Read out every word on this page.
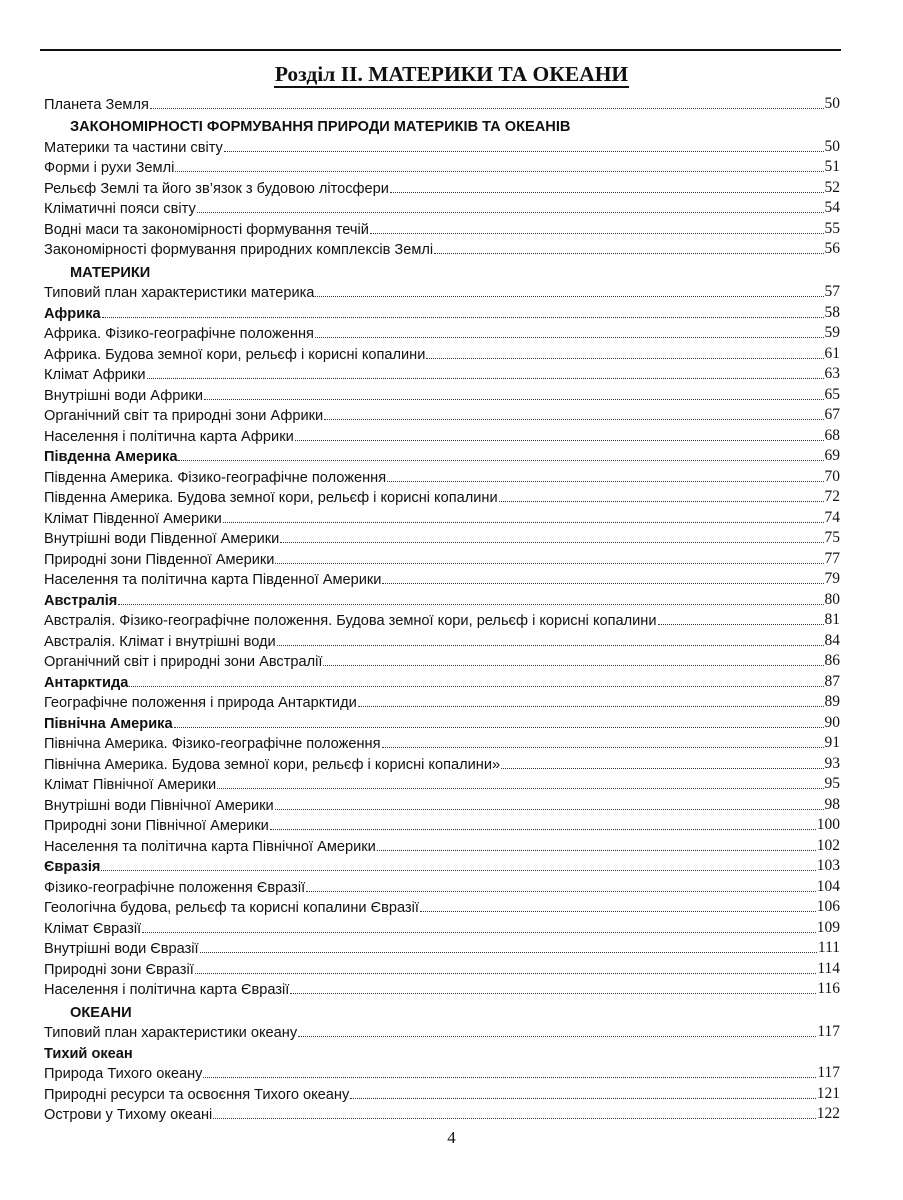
Розділ ІІ. МАТЕРИКИ ТА ОКЕАНИ
Планета Земля	50
ЗАКОНОМІРНОСТІ ФОРМУВАННЯ ПРИРОДИ МАТЕРИКІВ ТА ОКЕАНІВ
Материки та частини світу	50
Форми і рухи Землі	51
Рельєф Землі та його зв’язок з будовою літосфери	52
Кліматичні пояси світу	54
Водні маси та закономірності формування течій	55
Закономірності формування природних комплексів Землі	56
МАТЕРИКИ
Типовий план характеристики материка	57
Африка	58
Африка. Фізико-географічне положення	59
Африка. Будова земної кори, рельєф і корисні копалини	61
Клімат Африки	63
Внутрішні води Африки	65
Органічний світ та природні зони Африки	67
Населення і політична карта Африки	68
Південна Америка	69
Південна Америка. Фізико-географічне положення	70
Південна Америка. Будова земної кори, рельєф і корисні копалини	72
Клімат Південної Америки	74
Внутрішні води Південної Америки	75
Природні зони Південної Америки	77
Населення та політична карта Південної Америки	79
Австралія	80
Австралія. Фізико-географічне положення. Будова земної кори, рельєф і корисні копалини	81
Австралія. Клімат і внутрішні води	84
Органічний світ і природні зони Австралії	86
Антарктида	87
Географічне положення і природа Антарктиди	89
Північна Америка	90
Північна Америка. Фізико-географічне положення	91
Північна Америка. Будова земної кори, рельєф і корисні копалини»	93
Клімат Північної Америки	95
Внутрішні води Північної Америки	98
Природні зони Північної Америки	100
Населення та політична карта Північної Америки	102
Євразія	103
Фізико-географічне положення Євразії	104
Геологічна будова, рельєф та корисні копалини Євразії	106
Клімат Євразії	109
Внутрішні води Євразії	111
Природні зони Євразії	114
Населення і політична карта Євразії	116
ОКЕАНИ
Типовий план характеристики океану	117
Тихий океан
Природа Тихого океану	117
Природні ресурси та освоєння Тихого океану	121
Острови у Тихому океані	122
4
